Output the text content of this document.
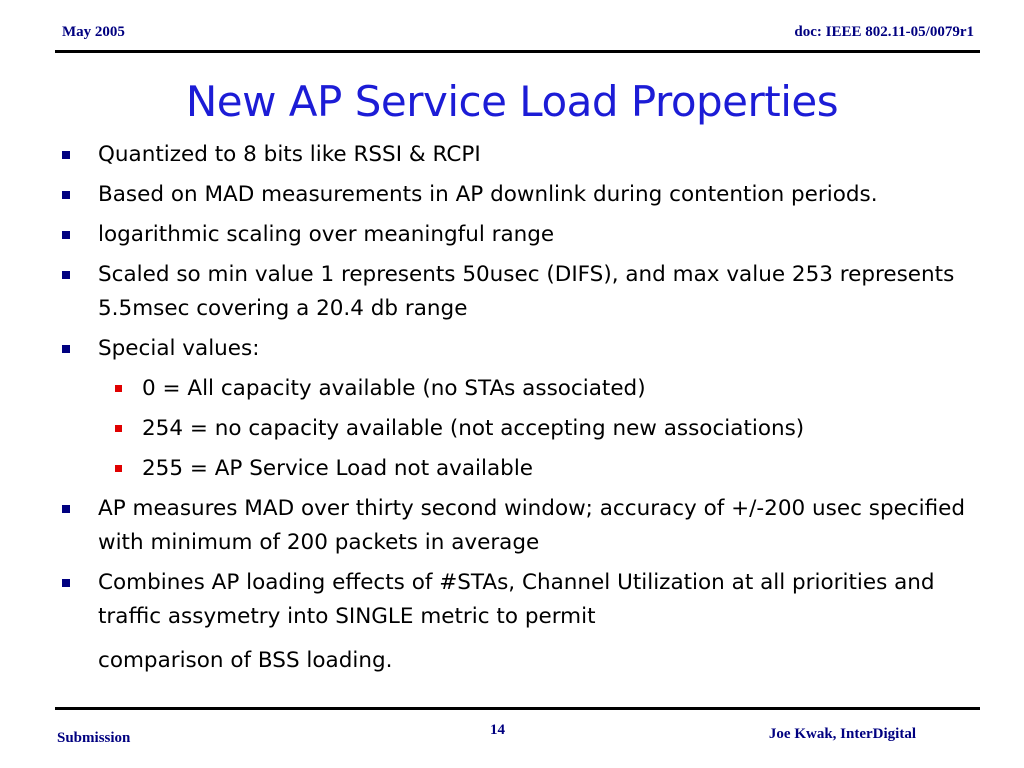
May 2005	doc: IEEE 802.11-05/0079r1
New AP Service Load Properties
Quantized to 8 bits like RSSI & RCPI
Based on MAD measurements in AP downlink during contention periods.
logarithmic scaling over meaningful range
Scaled so min value 1 represents 50usec (DIFS), and max value 253 represents 5.5msec covering a 20.4 db range
Special values:
0 = All capacity available (no STAs associated)
254 = no capacity available (not accepting new associations)
255 = AP Service Load not available
AP measures MAD over thirty second window; accuracy of +/-200 usec specified with minimum of 200 packets in average
Combines AP loading effects of #STAs, Channel Utilization at all priorities and traffic assymetry into SINGLE metric to permit
comparison of BSS loading.
Submission	14	Joe Kwak, InterDigital
